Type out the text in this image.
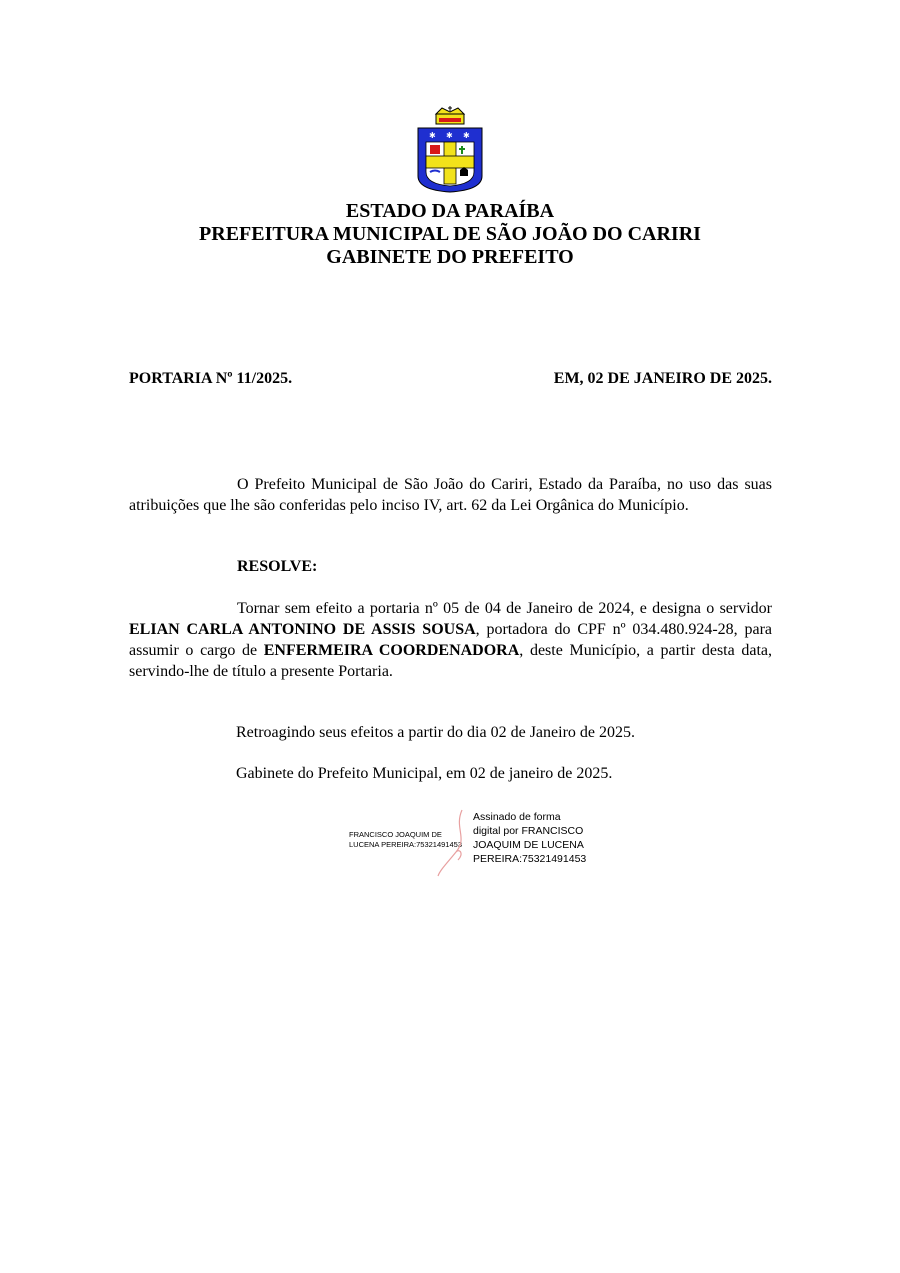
✱ ✱ ✱
ESTADO DA PARAÍBA
PREFEITURA MUNICIPAL DE SÃO JOÃO DO CARIRI
GABINETE DO PREFEITO
PORTARIA Nº 11/2025.	EM, 02 DE JANEIRO DE 2025.
O Prefeito Municipal de São João do Cariri, Estado da Paraíba, no uso das suas atribuições que lhe são conferidas pelo inciso IV, art. 62 da Lei Orgânica do Município.
RESOLVE:
Tornar sem efeito a portaria nº 05 de 04 de Janeiro de 2024, e designa o servidor ELIAN CARLA ANTONINO DE ASSIS SOUSA, portadora do CPF nº 034.480.924-28, para assumir o cargo de ENFERMEIRA COORDENADORA, deste Município, a partir desta data, servindo-lhe de título a presente Portaria.
Retroagindo seus efeitos a partir do dia 02 de Janeiro de 2025.
Gabinete do Prefeito Municipal, em 02 de janeiro de 2025.
FRANCISCO JOAQUIM DE
LUCENA PEREIRA:75321491453
Assinado de forma
digital por FRANCISCO
JOAQUIM DE LUCENA
PEREIRA:75321491453
